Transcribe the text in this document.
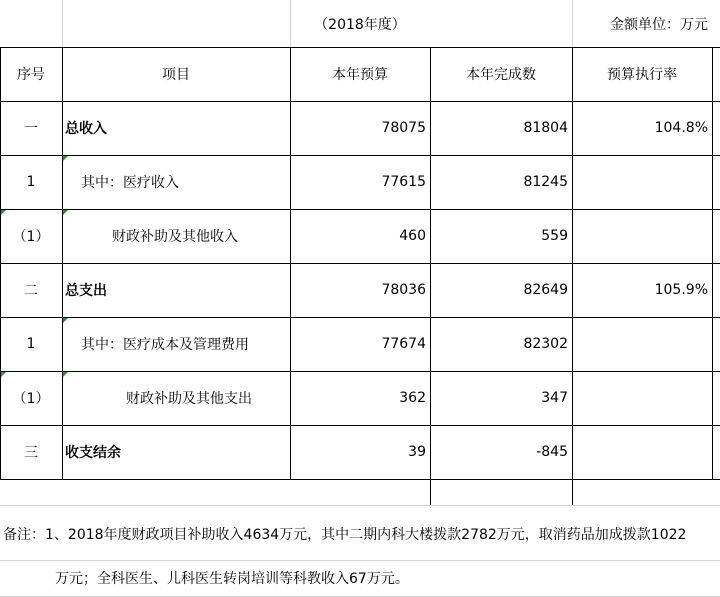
（2018年度）	金额单位：万元
序号	项目	本年预算	本年完成数	预算执行率
一	总收入	78075	81804	104.8%
1	其中：医疗收入	77615	81245
（1）	财政补助及其他收入	460	559
二	总支出	78036	82649	105.9%
1	其中：医疗成本及管理费用	77674	82302
（1）	财政补助及其他支出	362	347
三	收支结余	39	-845
备注：1、2018年度财政项目补助收入4634万元，其中二期内科大楼拨款2782万元，取消药品加成拨款1022
万元；全科医生、儿科医生转岗培训等科教收入67万元。
